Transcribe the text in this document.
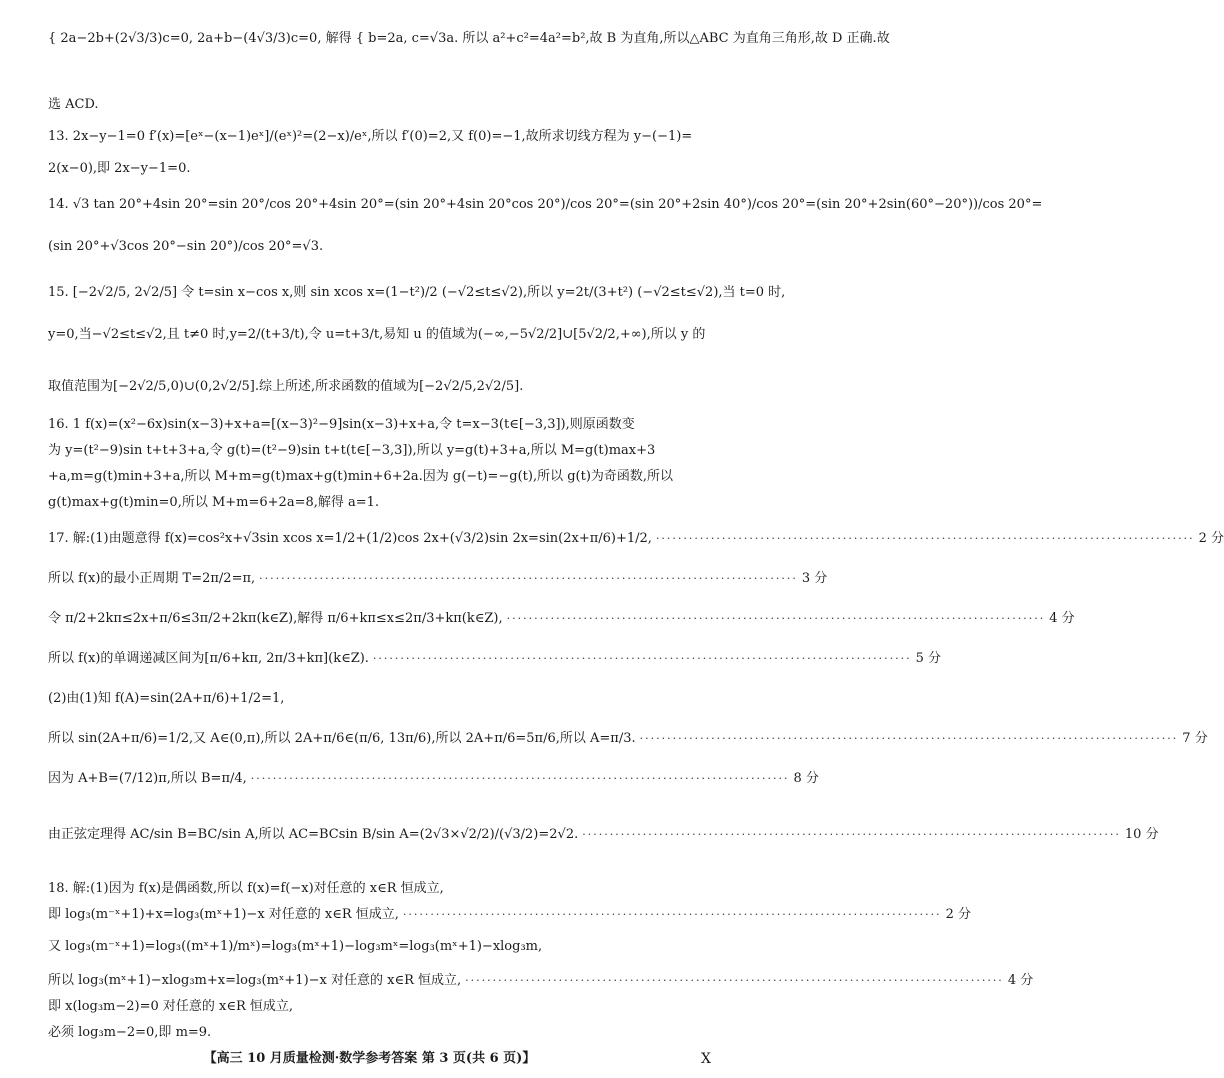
{ 2a−2b+(2√3/3)c=0, 2a+b−(4√3/3)c=0, 解得 { b=2a, c=√3a. 所以 a²+c²=4a²=b²,故 B 为直角,所以△ABC 为直角三角形,故 D 正确.故
选 ACD.
13. 2x−y−1=0 f′(x)=[eˣ−(x−1)eˣ]/(eˣ)²=(2−x)/eˣ,所以 f′(0)=2,又 f(0)=−1,故所求切线方程为 y−(−1)=
2(x−0),即 2x−y−1=0.
14. √3 tan 20°+4sin 20°=sin 20°/cos 20°+4sin 20°=(sin 20°+4sin 20°cos 20°)/cos 20°=(sin 20°+2sin 40°)/cos 20°=(sin 20°+2sin(60°−20°))/cos 20°=
(sin 20°+√3cos 20°−sin 20°)/cos 20°=√3.
15. [−2√2/5, 2√2/5] 令 t=sin x−cos x,则 sin xcos x=(1−t²)/2 (−√2≤t≤√2),所以 y=2t/(3+t²) (−√2≤t≤√2),当 t=0 时,
y=0,当−√2≤t≤√2,且 t≠0 时,y=2/(t+3/t),令 u=t+3/t,易知 u 的值域为(−∞,−5√2/2]∪[5√2/2,+∞),所以 y 的
取值范围为[−2√2/5,0)∪(0,2√2/5].综上所述,所求函数的值域为[−2√2/5,2√2/5].
16. 1 f(x)=(x²−6x)sin(x−3)+x+a=[(x−3)²−9]sin(x−3)+x+a,令 t=x−3(t∈[−3,3]),则原函数变
为 y=(t²−9)sin t+t+3+a,令 g(t)=(t²−9)sin t+t(t∈[−3,3]),所以 y=g(t)+3+a,所以 M=g(t)max+3
+a,m=g(t)min+3+a,所以 M+m=g(t)max+g(t)min+6+2a.因为 g(−t)=−g(t),所以 g(t)为奇函数,所以
g(t)max+g(t)min=0,所以 M+m=6+2a=8,解得 a=1.
17. 解:(1)由题意得 f(x)=cos²x+√3sin xcos x=1/2+(1/2)cos 2x+(√3/2)sin 2x=sin(2x+π/6)+1/2, ·································································································· 2 分
所以 f(x)的最小正周期 T=2π/2=π, ·································································································· 3 分
令 π/2+2kπ≤2x+π/6≤3π/2+2kπ(k∈Z),解得 π/6+kπ≤x≤2π/3+kπ(k∈Z), ·································································································· 4 分
所以 f(x)的单调递减区间为[π/6+kπ, 2π/3+kπ](k∈Z). ·································································································· 5 分
(2)由(1)知 f(A)=sin(2A+π/6)+1/2=1,
所以 sin(2A+π/6)=1/2,又 A∈(0,π),所以 2A+π/6∈(π/6, 13π/6),所以 2A+π/6=5π/6,所以 A=π/3. ·································································································· 7 分
因为 A+B=(7/12)π,所以 B=π/4, ·································································································· 8 分
由正弦定理得 AC/sin B=BC/sin A,所以 AC=BCsin B/sin A=(2√3×√2/2)/(√3/2)=2√2. ·································································································· 10 分
18. 解:(1)因为 f(x)是偶函数,所以 f(x)=f(−x)对任意的 x∈R 恒成立,
即 log₃(m⁻ˣ+1)+x=log₃(mˣ+1)−x 对任意的 x∈R 恒成立, ·································································································· 2 分
又 log₃(m⁻ˣ+1)=log₃((mˣ+1)/mˣ)=log₃(mˣ+1)−log₃mˣ=log₃(mˣ+1)−xlog₃m,
所以 log₃(mˣ+1)−xlog₃m+x=log₃(mˣ+1)−x 对任意的 x∈R 恒成立, ·································································································· 4 分
即 x(log₃m−2)=0 对任意的 x∈R 恒成立,
必须 log₃m−2=0,即 m=9.
【高三 10 月质量检测·数学参考答案 第 3 页(共 6 页)】	X
